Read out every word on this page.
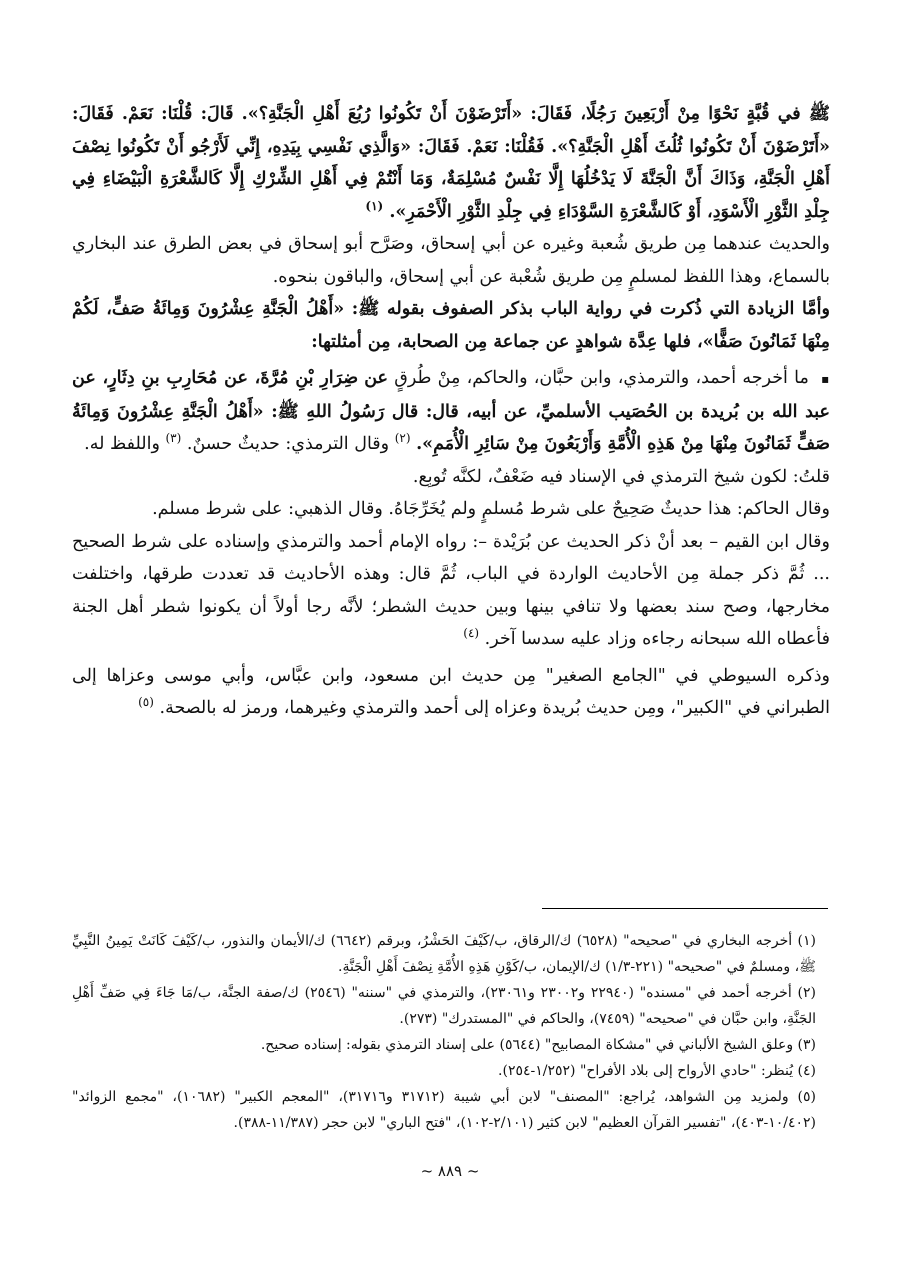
ﷺ في قُبَّةٍ نَحْوًا مِنْ أَرْبَعِينَ رَجُلًا، فَقَالَ: «أَتَرْضَوْنَ أَنْ تَكُونُوا رُبُعَ أَهْلِ الْجَنَّةِ؟». قَالَ: قُلْنَا: نَعَمْ. فَقَالَ: «أَتَرْضَوْنَ أَنْ تَكُونُوا ثُلُثَ أَهْلِ الْجَنَّةِ؟». فَقُلْنَا: نَعَمْ. فَقَالَ: «وَالَّذِي نَفْسِي بِيَدِهِ، إِنِّي لَأَرْجُو أَنْ تَكُونُوا نِصْفَ أَهْلِ الْجَنَّةِ، وَذَاكَ أَنَّ الْجَنَّةَ لَا يَدْخُلُهَا إِلَّا نَفْسٌ مُسْلِمَةٌ، وَمَا أَنْتُمْ فِي أَهْلِ الشِّرْكِ إِلَّا كَالشَّعْرَةِ الْبَيْضَاءِ فِي جِلْدِ الثَّوْرِ الْأَسْوَدِ، أَوْ كَالشَّعْرَةِ السَّوْدَاءِ فِي جِلْدِ الثَّوْرِ الْأَحْمَرِ». $^{(١)}$

والحديث عندهما مِن طريق شُعبة وغيره عن أبي إسحاق، وصَرَّح أبو إسحاق في بعض الطرق عند البخاري بالسماع، وهذا اللفظ لمسلمٍ مِن طريق شُعْبة عن أبي إسحاق، والباقون بنحوه.

وأمَّا الزيادة التي ذُكرت في رواية الباب بذكر الصفوف بقوله ﷺ: «أَهْلُ الْجَنَّةِ عِشْرُونَ وَمِائَةُ صَفٍّ، لَكُمْ مِنْهَا ثَمَانُونَ صَفًّا»، فلها عِدَّة شواهدٍ عن جماعة مِن الصحابة، مِن أمثلتها:

▪ ما أخرجه أحمد، والترمذي، وابن حبَّان، والحاكم، مِنْ طُرقٍ عن ضِرَارِ بْنِ مُرَّةَ، عن مُحَارِبِ بنِ دِثَارٍ، عن عبد الله بن بُريدة بن الحُصَيب الأسلميِّ، عن أبيه، قال: قال رَسُولُ اللهِ ﷺ: «أَهْلُ الْجَنَّةِ عِشْرُونَ وَمِائَةُ صَفٍّ ثَمَانُونَ مِنْهَا مِنْ هَذِهِ الْأُمَّةِ وَأَرْبَعُونَ مِنْ سَائِرِ الْأُمَمِ». $^{(٢)}$ وقال الترمذي: حديثٌ حسنٌ. $^{(٣)}$ واللفظ له.

قلتُ: لكون شيخ الترمذي في الإسناد فيه ضَعْفٌ، لكنَّه تُوبِع.

وقال الحاكم: هذا حديثٌ صَحِيحٌ على شرط مُسلمٍ ولم يُخَرِّجَاهُ. وقال الذهبي: على شرط مسلم.

وقال ابن القيم – بعد أنْ ذكر الحديث عن بُرَيْدة –: رواه الإمام أحمد والترمذي وإسناده على شرط الصحيح ... ثُمَّ ذكر جملة مِن الأحاديث الواردة في الباب، ثُمَّ قال: وهذه الأحاديث قد تعددت طرقها، واختلفت مخارجها، وصح سند بعضها ولا تنافي بينها وبين حديث الشطر؛ لأنَّه رجا أولاً أن يكونوا شطر أهل الجنة فأعطاه الله سبحانه رجاءه وزاد عليه سدسا آخر. $^{(٤)}$

وذكره السيوطي في "الجامع الصغير" مِن حديث ابن مسعود، وابن عبَّاس، وأبي موسى وعزاها إلى الطبراني في "الكبير"، ومِن حديث بُريدة وعزاه إلى أحمد والترمذي وغيرهما، ورمز له بالصحة. $^{(٥)}$

(١) أخرجه البخاري في "صحيحه" (٦٥٢٨) ك/الرقاق، ب/كَيْفَ الحَشْرُ، وبرقم (٦٦٤٢) ك/الأيمان والنذور، ب/كَيْفَ كَانَتْ يَمِينُ النَّبِيِّ ﷺ، ومسلمٌ في "صحيحه" (٢٢١-١/٣) ك/الإيمان، ب/كَوْنِ هَذِهِ الأُمَّةِ نِصْفَ أَهْلِ الْجَنَّةِ.

(٢) أخرجه أحمد في "مسنده" (٢٢٩٤٠ و٢٣٠٠٢ و٢٣٠٦١)، والترمذي في "سننه" (٢٥٤٦) ك/صفة الجنَّة، ب/مَا جَاءَ فِي صَفِّ أَهْلِ الجَنَّةِ، وابن حبَّان في "صحيحه" (٧٤٥٩)، والحاكم في "المستدرك" (٢٧٣).

(٣) وعلق الشيخ الألباني في "مشكاة المصابيح" (٥٦٤٤) على إسناد الترمذي بقوله: إسناده صحيح.

(٤) يُنظر: "حادي الأرواح إلى بلاد الأفراح" (١/٢٥٢-٢٥٤).

(٥) ولمزيد مِن الشواهد، يُراجع: "المصنف" لابن أبي شيبة (٣١٧١٢ و٣١٧١٦)، "المعجم الكبير" (١٠٦٨٢)، "مجمع الزوائد" (١٠/٤٠٢-٤٠٣)، "تفسير القرآن العظيم" لابن كثير (٢/١٠١-١٠٢)، "فتح الباري" لابن حجر (١١/٣٨٧-٣٨٨).

~ ٨٨٩ ~
